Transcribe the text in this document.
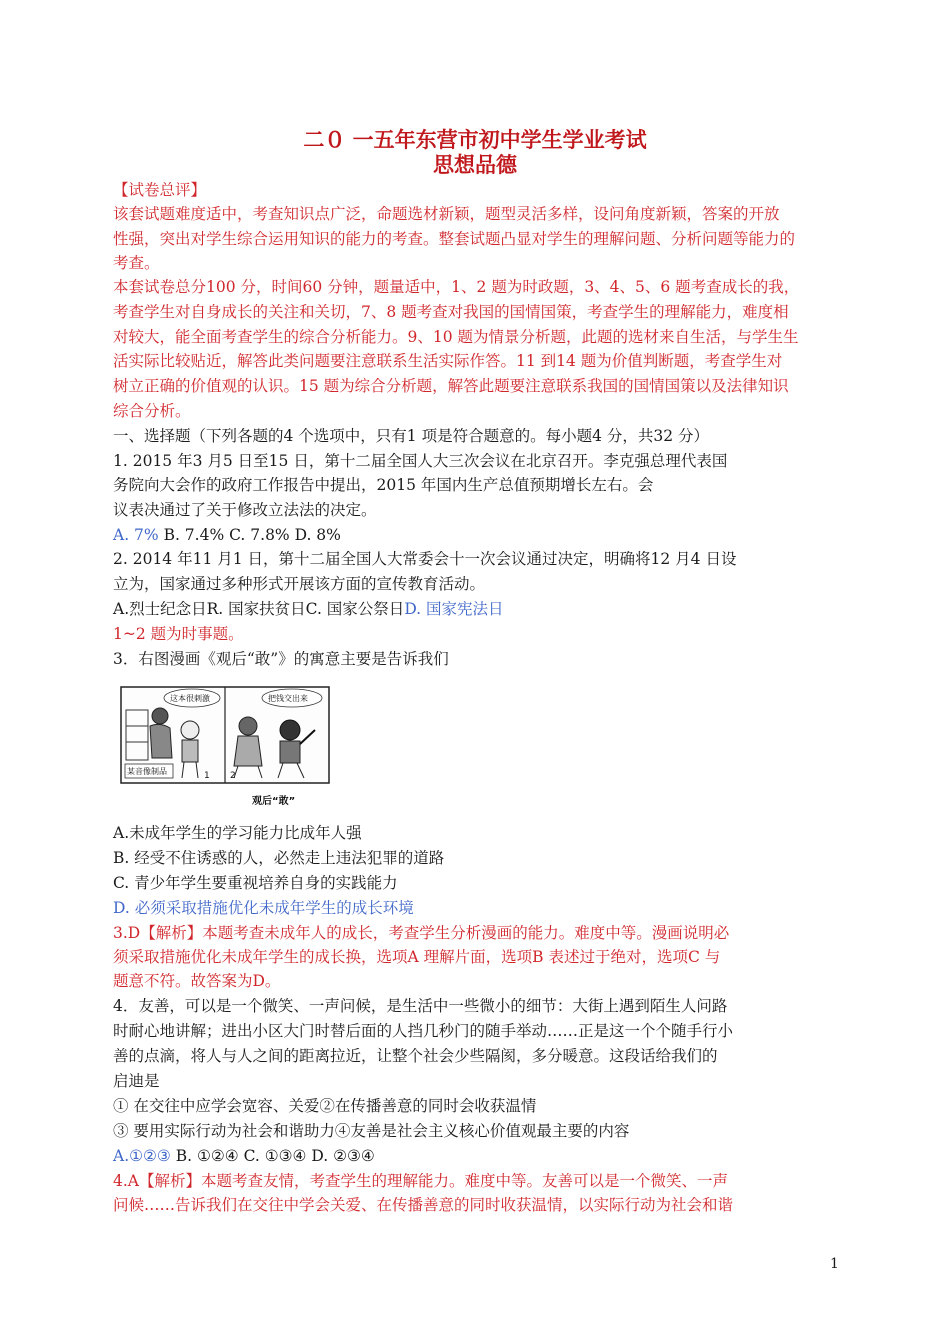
二０ 一五年东营市初中学生学业考试
思想品德
【试卷总评】
该套试题难度适中，考查知识点广泛，命题选材新颖，题型灵活多样，设问角度新颖，答案的开放
性强，突出对学生综合运用知识的能力的考查。整套试题凸显对学生的理解问题、分析问题等能力的
考查。
本套试卷总分100 分，时间60 分钟，题量适中，1、2 题为时政题，3、4、5、6 题考查成长的我，
考查学生对自身成长的关注和关切，7、8 题考查对我国的国情国策，考查学生的理解能力，难度相
对较大，能全面考查学生的综合分析能力。9、10 题为情景分析题，此题的选材来自生活，与学生生
活实际比较贴近，解答此类问题要注意联系生活实际作答。11 到14 题为价值判断题，考查学生对
树立正确的价值观的认识。15 题为综合分析题，解答此题要注意联系我国的国情国策以及法律知识
综合分析。
一、选择题（下列各题的4 个选项中，只有1 项是符合题意的。每小题4 分，共32 分）
1. 2015 年3 月5 日至15 日，第十二届全国人大三次会议在北京召开。李克强总理代表国
务院向大会作的政府工作报告中提出，2015 年国内生产总值预期增长左右。会
议表决通过了关于修改立法法的决定。
A. 7% B. 7.4% C. 7.8% D. 8%
2. 2014 年11 月1 日，第十二届全国人大常委会十一次会议通过决定，明确将12 月4 日设
立为，国家通过多种形式开展该方面的宣传教育活动。
A.烈士纪念日R. 国家扶贫日C. 国家公祭日D. 国家宪法日
1~2 题为时事题。
3．右图漫画《观后“敢”》的寓意主要是告诉我们
某音像制品
这本很刺激
1
把钱交出来
2
观后“敢”
A.未成年学生的学习能力比成年人强
B. 经受不住诱惑的人，必然走上违法犯罪的道路
C. 青少年学生要重视培养自身的实践能力
D. 必须采取措施优化未成年学生的成长环境
3.D【解析】本题考查未成年人的成长，考查学生分析漫画的能力。难度中等。漫画说明必
须采取措施优化未成年学生的成长换，选项A 理解片面，选项B 表述过于绝对，选项C 与
题意不符。故答案为D。
4．友善，可以是一个微笑、一声问候，是生活中一些微小的细节：大街上遇到陌生人问路
时耐心地讲解；进出小区大门时替后面的人挡几秒门的随手举动……正是这一个个随手行小
善的点滴，将人与人之间的距离拉近，让整个社会少些隔阂，多分暖意。这段话给我们的
启迪是
① 在交往中应学会宽容、关爱②在传播善意的同时会收获温情
③ 要用实际行动为社会和谐助力④友善是社会主义核心价值观最主要的内容
A.①②③ B. ①②④ C. ①③④ D. ②③④
4.A【解析】本题考查友情，考查学生的理解能力。难度中等。友善可以是一个微笑、一声
问候……告诉我们在交往中学会关爱、在传播善意的同时收获温情，以实际行动为社会和谐
1
